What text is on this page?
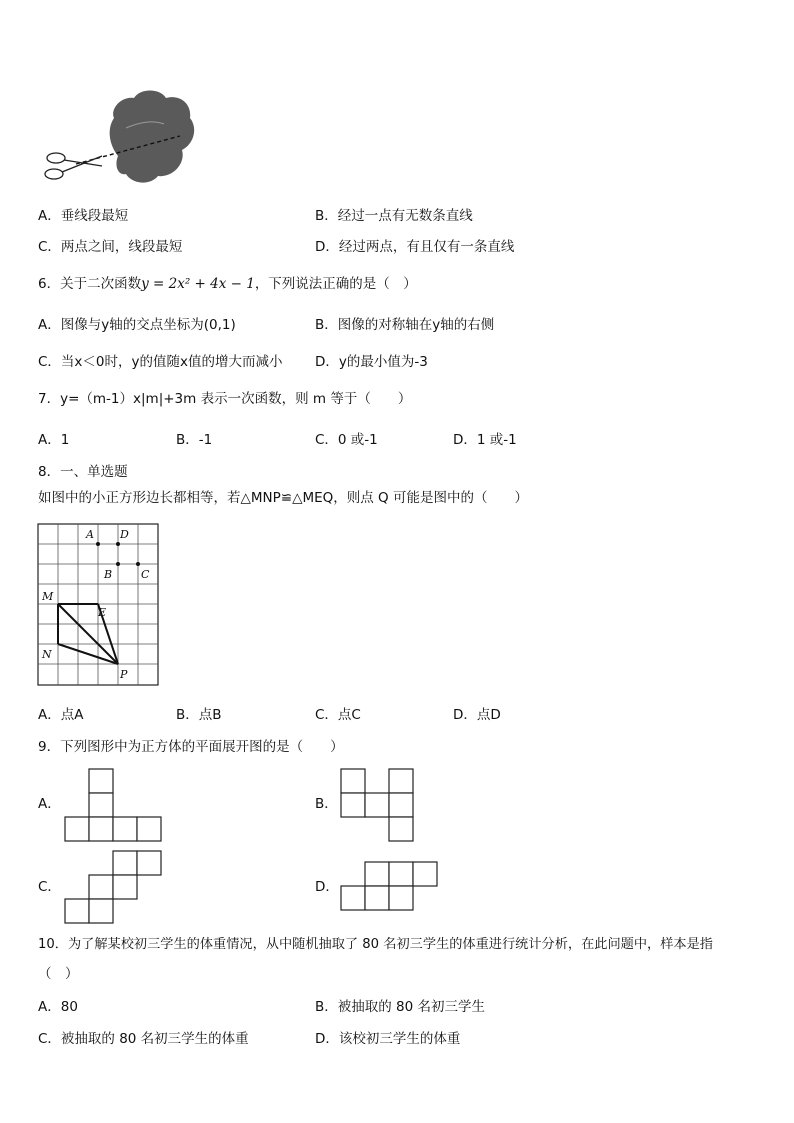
A．垂线段最短	B．经过一点有无数条直线
C．两点之间，线段最短	D．经过两点，有且仅有一条直线
6．关于二次函数y = 2x² + 4x − 1，下列说法正确的是（　）
A．图像与y轴的交点坐标为(0,1)	B．图像的对称轴在y轴的右侧
C．当x＜0时，y的值随x值的增大而减小 D．y的最小值为-3
7．y=（m-1）x|m|+3m 表示一次函数，则 m 等于（　　）
A．1	B．-1	C．0 或-1	D．1 或-1
8．一、单选题
如图中的小正方形边长都相等，若△MNP≌△MEQ，则点 Q 可能是图中的（　　）
A D
B	C
M
E
N
P
A．点A	B．点B	C．点C	D．点D
9．下列图形中为正方体的平面展开图的是（　　）
A．	B．
C．	D．
10．为了解某校初三学生的体重情况，从中随机抽取了 80 名初三学生的体重进行统计分析，在此问题中，样本是指
（　）
A．80	B．被抽取的 80 名初三学生
C．被抽取的 80 名初三学生的体重	D．该校初三学生的体重
